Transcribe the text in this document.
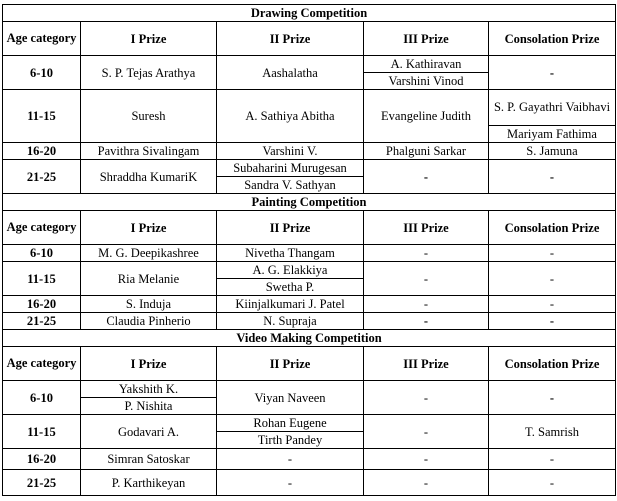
Drawing Competition				
Age category	I Prize	II Prize	III Prize	Consolation Prize
6-10	S. P. Tejas Arathya	Aashalatha	A. Kathiravan	-
			Varshini Vinod	
11-15	Suresh	A. Sathiya Abitha	Evangeline Judith	S. P. Gayathri Vaibhavi
				Mariyam Fathima
16-20	Pavithra Sivalingam	Varshini V.	Phalguni Sarkar	S. Jamuna
21-25	Shraddha KumariK	Subaharini Murugesan	-	-
		Sandra V. Sathyan		
Painting Competition				
Age category	I Prize	II Prize	III Prize	Consolation Prize
6-10	M. G. Deepikashree	Nivetha Thangam	-	-
11-15	Ria Melanie	A. G. Elakkiya	-	-
		Swetha P.		
16-20	S. Induja	Kiinjalkumari J. Patel	-	-
21-25	Claudia Pinherio	N. Supraja	-	-
Video Making Competition				
Age category	I Prize	II Prize	III Prize	Consolation Prize
6-10	Yakshith K.	Viyan Naveen	-	-
	P. Nishita			
11-15	Godavari A.	Rohan Eugene	-	T. Samrish
		Tirth Pandey		
16-20	Simran Satoskar	-	-	-
21-25	P. Karthikeyan	-	-	-
